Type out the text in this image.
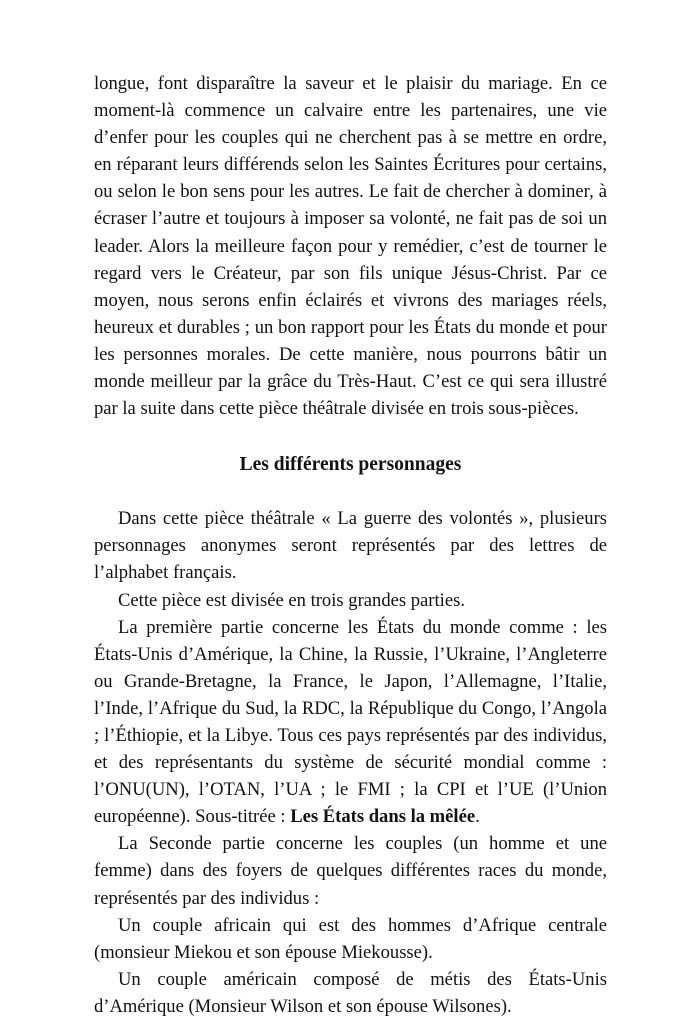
longue, font disparaître la saveur et le plaisir du mariage. En ce moment-là commence un calvaire entre les partenaires, une vie d’enfer pour les couples qui ne cherchent pas à se mettre en ordre, en réparant leurs différends selon les Saintes Écritures pour certains, ou selon le bon sens pour les autres. Le fait de chercher à dominer, à écraser l’autre et toujours à imposer sa volonté, ne fait pas de soi un leader. Alors la meilleure façon pour y remédier, c’est de tourner le regard vers le Créateur, par son fils unique Jésus-Christ. Par ce moyen, nous serons enfin éclairés et vivrons des mariages réels, heureux et durables ; un bon rapport pour les États du monde et pour les personnes morales. De cette manière, nous pourrons bâtir un monde meilleur par la grâce du Très-Haut. C’est ce qui sera illustré par la suite dans cette pièce théâtrale divisée en trois sous-pièces.

Les différents personnages

Dans cette pièce théâtrale « La guerre des volontés », plusieurs personnages anonymes seront représentés par des lettres de l’alphabet français.

Cette pièce est divisée en trois grandes parties.

La première partie concerne les États du monde comme : les États-Unis d’Amérique, la Chine, la Russie, l’Ukraine, l’Angleterre ou Grande-Bretagne, la France, le Japon, l’Allemagne, l’Italie, l’Inde, l’Afrique du Sud, la RDC, la République du Congo, l’Angola ; l’Éthiopie, et la Libye. Tous ces pays représentés par des individus, et des représentants du système de sécurité mondial comme : l’ONU(UN), l’OTAN, l’UA ; le FMI ; la CPI et l’UE (l’Union européenne). Sous-titrée : Les États dans la mêlée.

La Seconde partie concerne les couples (un homme et une femme) dans des foyers de quelques différentes races du monde, représentés par des individus :

Un couple africain qui est des hommes d’Afrique centrale (monsieur Miekou et son épouse Miekousse).

Un couple américain composé de métis des États-Unis d’Amérique (Monsieur Wilson et son épouse Wilsones).
